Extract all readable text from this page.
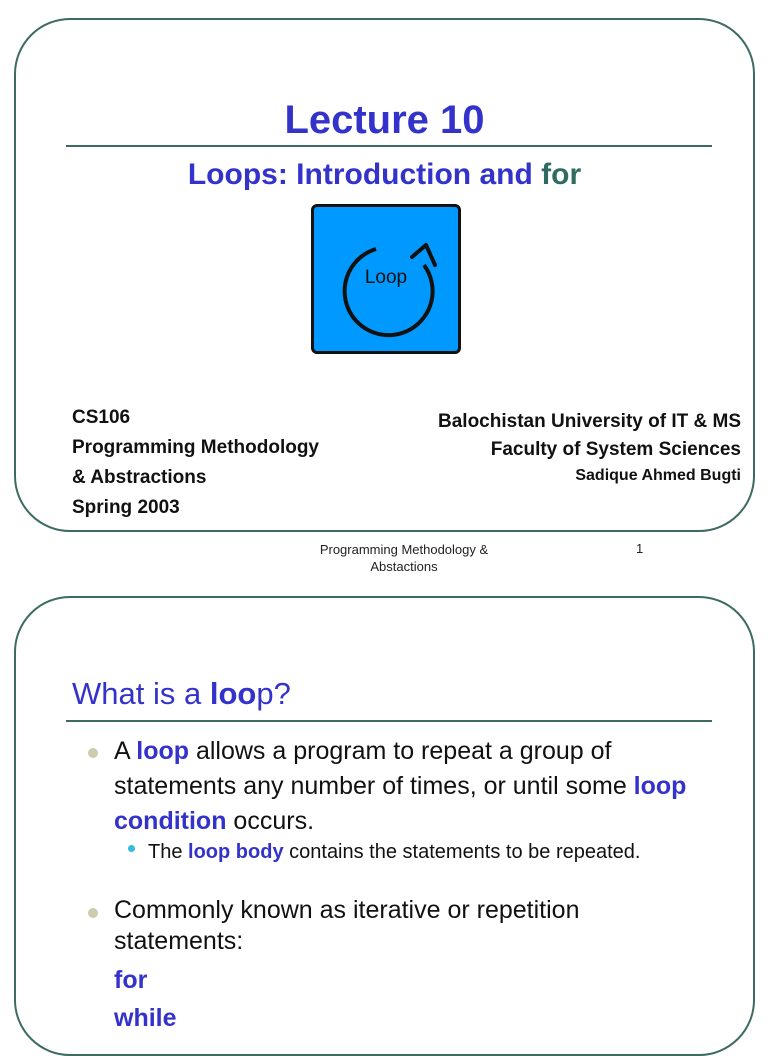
Lecture 10
Loops: Introduction and for
Loop
CS106
Programming Methodology
& Abstractions
Spring 2003
Balochistan University of IT & MS
Faculty of System Sciences
Sadique Ahmed Bugti
Programming Methodology &
Abstactions
1
What is a loop?
A loop allows a program to repeat a group of statements any number of times, or until some loop condition occurs.
The loop body contains the statements to be repeated.
Commonly known as iterative or repetition statements:
for
while
